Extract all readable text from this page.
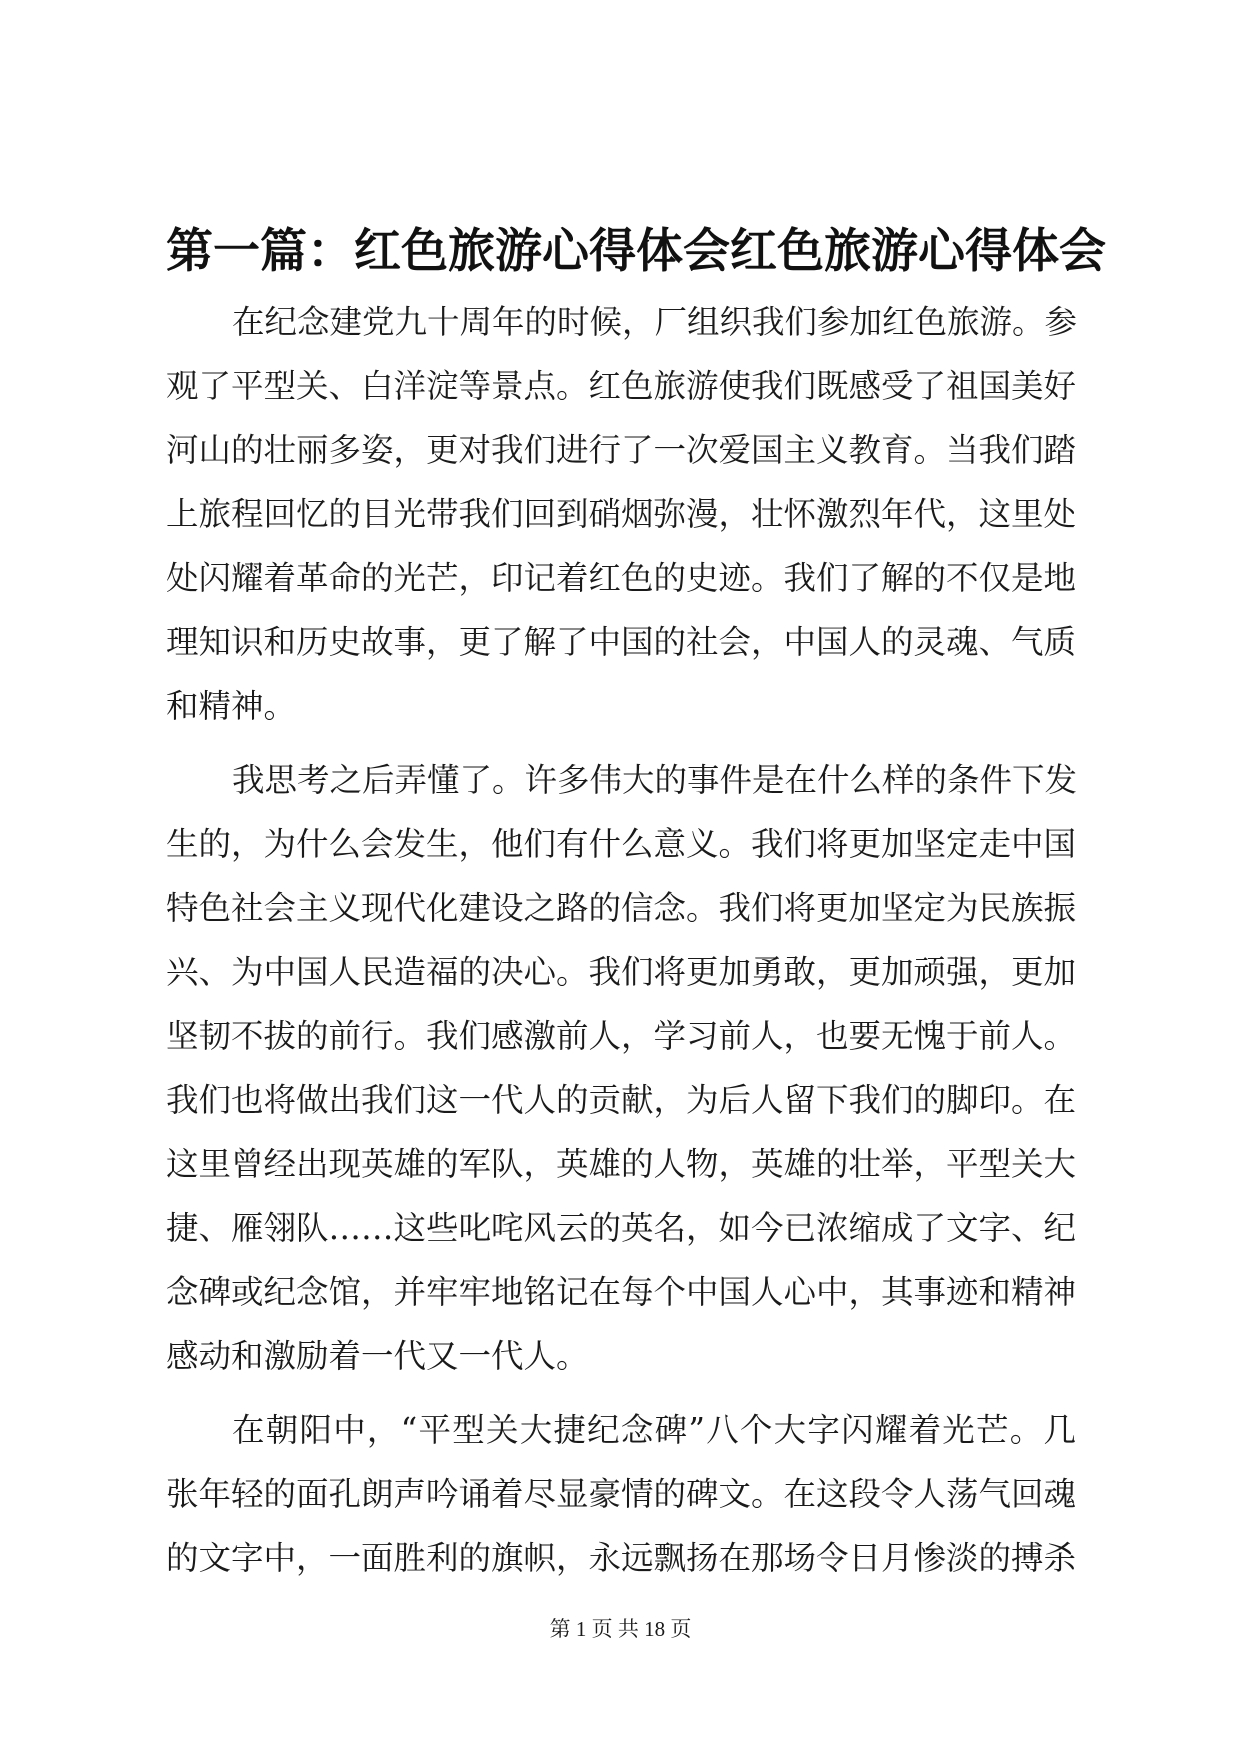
第一篇：红色旅游心得体会红色旅游心得体会
在纪念建党九十周年的时候，厂组织我们参加红色旅游。参
观了平型关、白洋淀等景点。红色旅游使我们既感受了祖国美好
河山的壮丽多姿，更对我们进行了一次爱国主义教育。当我们踏
上旅程回忆的目光带我们回到硝烟弥漫，壮怀激烈年代，这里处
处闪耀着革命的光芒，印记着红色的史迹。我们了解的不仅是地
理知识和历史故事，更了解了中国的社会，中国人的灵魂、气质
和精神。
我思考之后弄懂了。许多伟大的事件是在什么样的条件下发
生的，为什么会发生，他们有什么意义。我们将更加坚定走中国
特色社会主义现代化建设之路的信念。我们将更加坚定为民族振
兴、为中国人民造福的决心。我们将更加勇敢，更加顽强，更加
坚韧不拔的前行。我们感激前人，学习前人，也要无愧于前人。
我们也将做出我们这一代人的贡献，为后人留下我们的脚印。在
这里曾经出现英雄的军队，英雄的人物，英雄的壮举，平型关大
捷、雁翎队……这些叱咤风云的英名，如今已浓缩成了文字、纪
念碑或纪念馆，并牢牢地铭记在每个中国人心中，其事迹和精神
感动和激励着一代又一代人。
在朝阳中，“平型关大捷纪念碑”八个大字闪耀着光芒。几
张年轻的面孔朗声吟诵着尽显豪情的碑文。在这段令人荡气回魂
的文字中，一面胜利的旗帜，永远飘扬在那场令日月惨淡的搏杀
第 1 页 共 18 页
